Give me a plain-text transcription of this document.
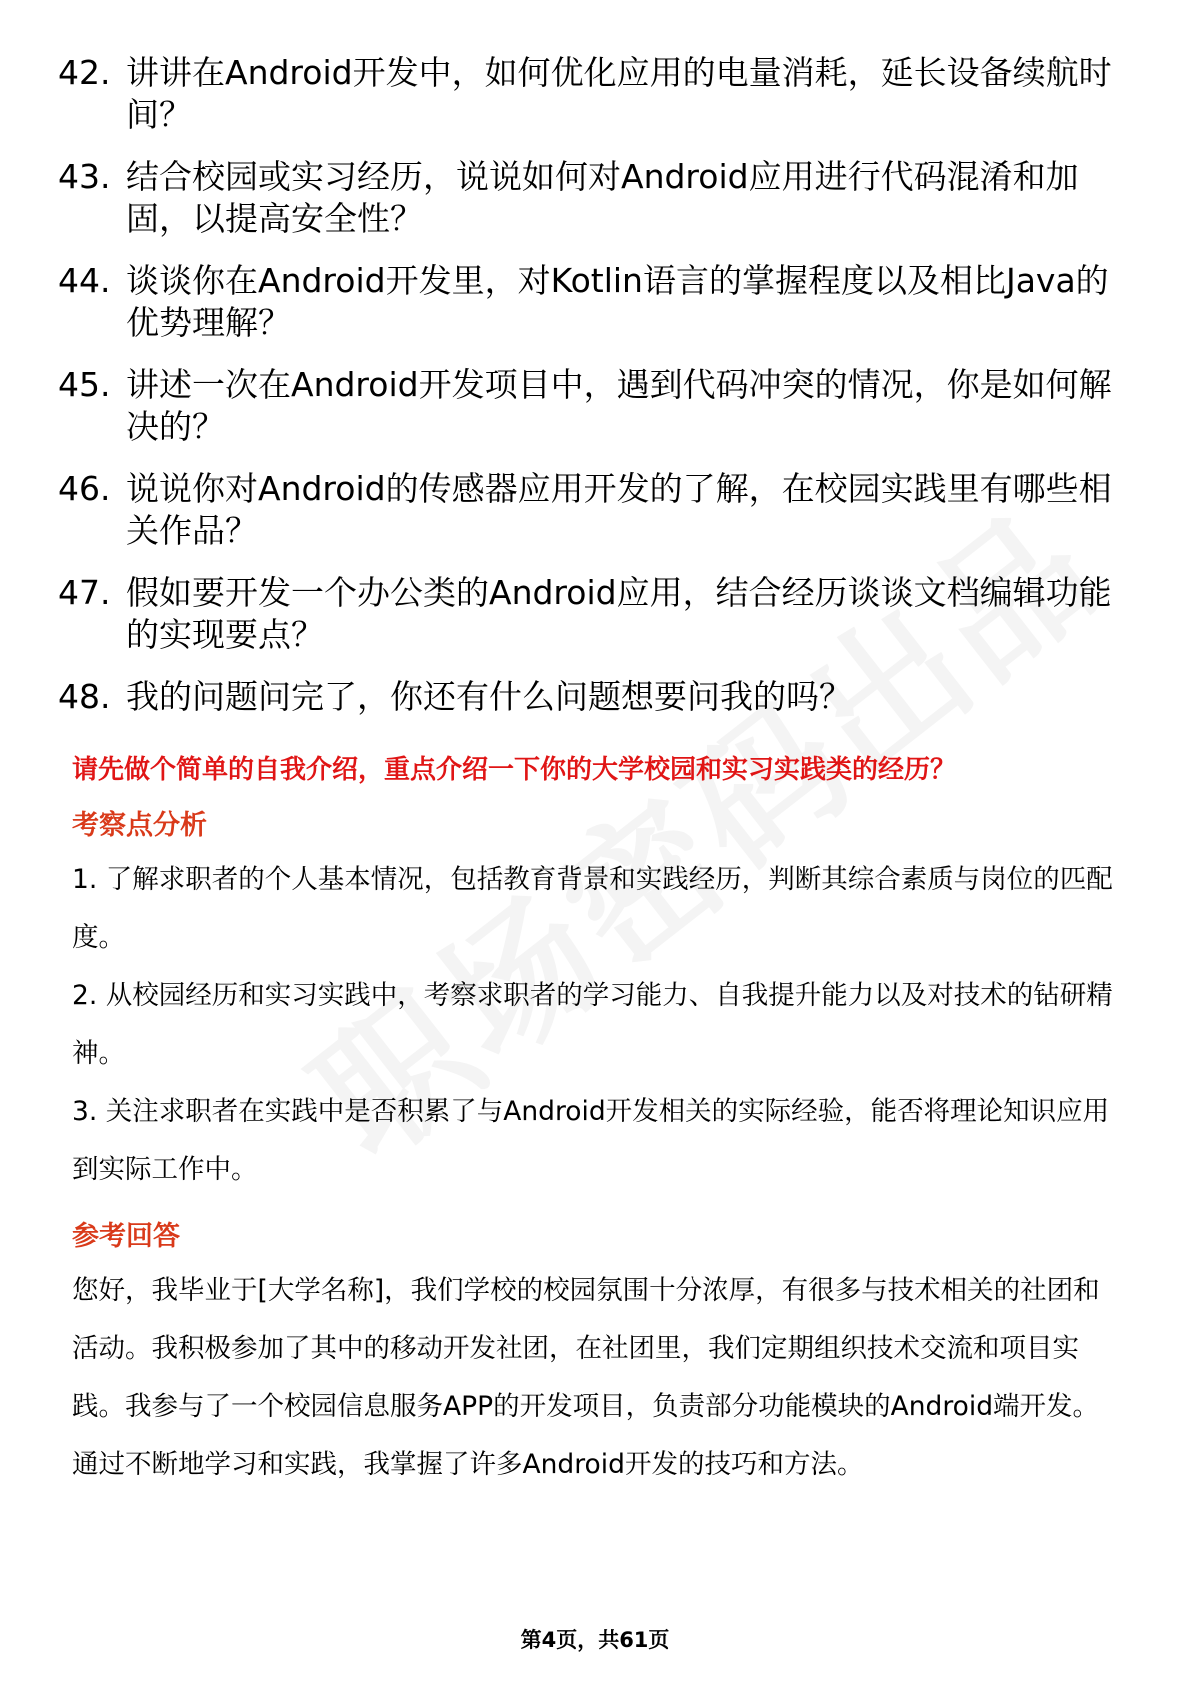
42. 讲讲在Android开发中，如何优化应用的电量消耗，延长设备续航时间？
43. 结合校园或实习经历，说说如何对Android应用进行代码混淆和加固，以提高安全性？
44. 谈谈你在Android开发里，对Kotlin语言的掌握程度以及相比Java的优势理解？
45. 讲述一次在Android开发项目中，遇到代码冲突的情况，你是如何解决的？
46. 说说你对Android的传感器应用开发的了解，在校园实践里有哪些相关作品？
47. 假如要开发一个办公类的Android应用，结合经历谈谈文档编辑功能的实现要点？
48. 我的问题问完了，你还有什么问题想要问我的吗？
请先做个简单的自我介绍，重点介绍一下你的大学校园和实习实践类的经历？
考察点分析
1. 了解求职者的个人基本情况，包括教育背景和实践经历，判断其综合素质与岗位的匹配度。
2. 从校园经历和实习实践中，考察求职者的学习能力、自我提升能力以及对技术的钻研精神。
3. 关注求职者在实践中是否积累了与Android开发相关的实际经验，能否将理论知识应用到实际工作中。
参考回答
您好，我毕业于[大学名称]，我们学校的校园氛围十分浓厚，有很多与技术相关的社团和活动。我积极参加了其中的移动开发社团，在社团里，我们定期组织技术交流和项目实践。我参与了一个校园信息服务APP的开发项目，负责部分功能模块的Android端开发。通过不断地学习和实践，我掌握了许多Android开发的技巧和方法。
第4页，共61页
